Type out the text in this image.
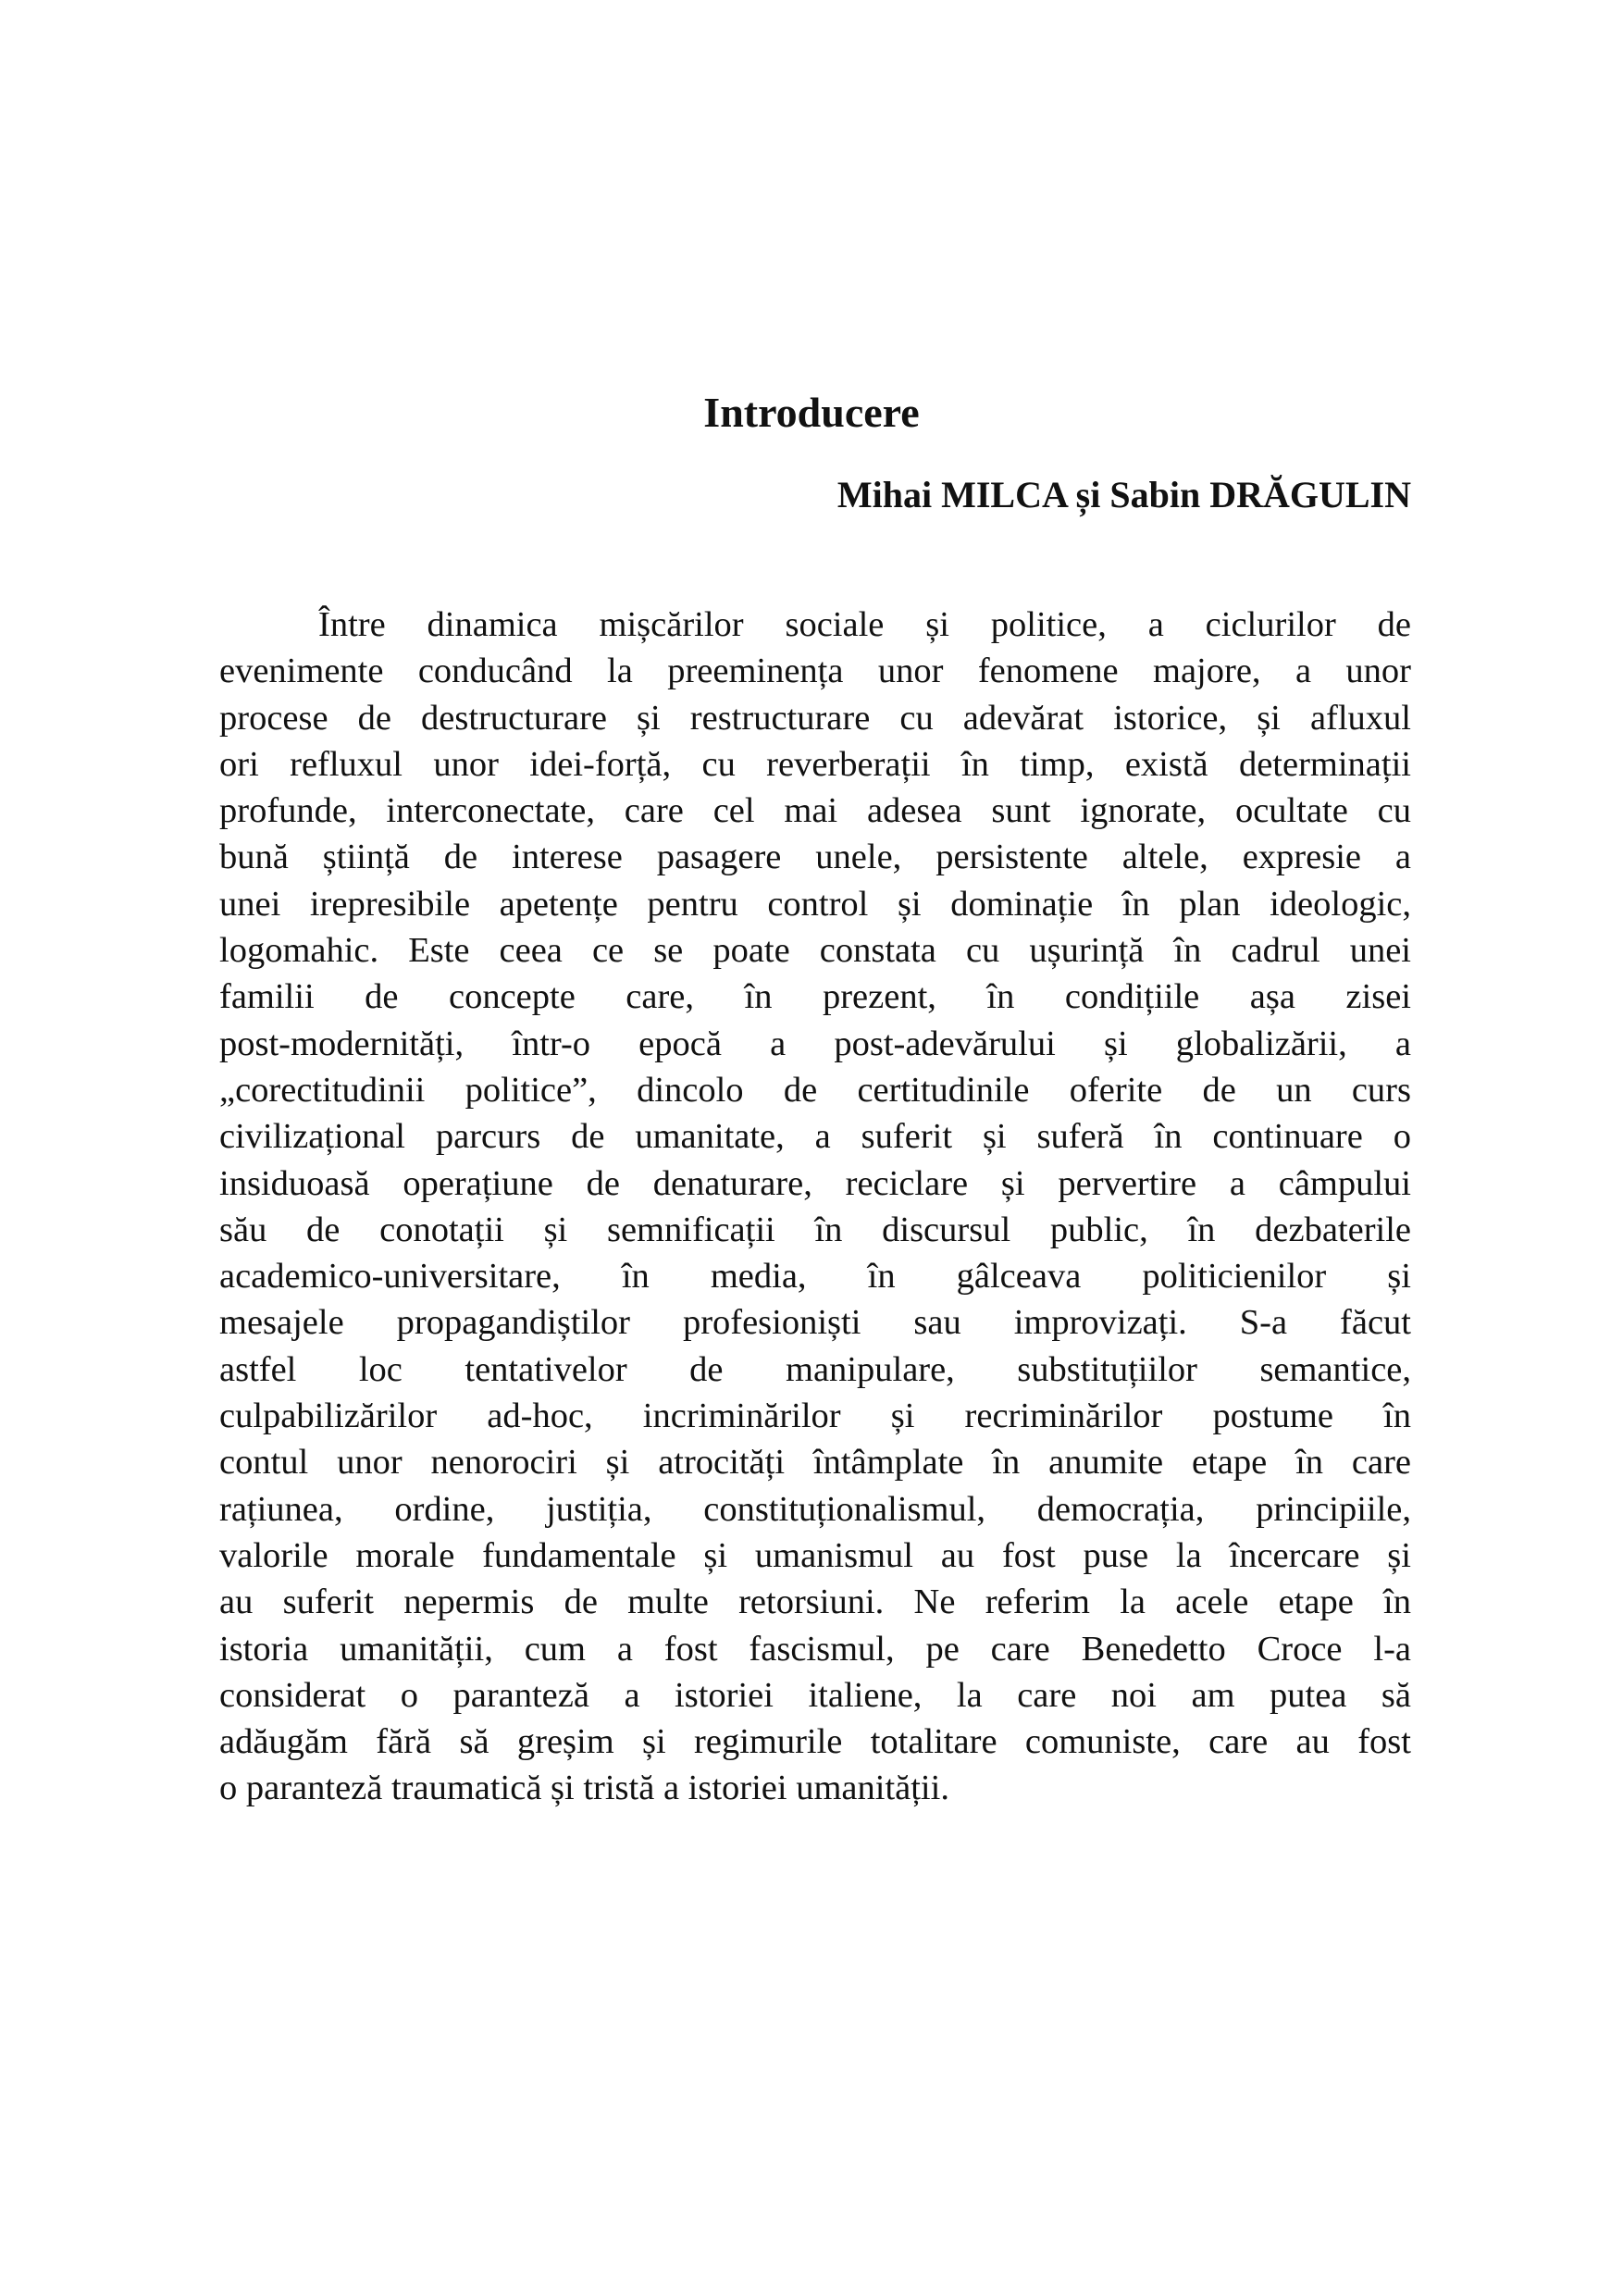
Introducere
Mihai MILCA și Sabin DRĂGULIN
Între dinamica mișcărilor sociale și politice, a ciclurilor de
evenimente conducând la preeminența unor fenomene majore, a unor
procese de destructurare și restructurare cu adevărat istorice, și afluxul
ori refluxul unor idei-forță, cu reverberații în timp, există determinații
profunde, interconectate, care cel mai adesea sunt ignorate, ocultate cu
bună știință de interese pasagere unele, persistente altele, expresie a
unei irepresibile apetențe pentru control și dominație în plan ideologic,
logomahic. Este ceea ce se poate constata cu ușurință în cadrul unei
familii de concepte care, în prezent, în condițiile așa zisei
post-modernități, într-o epocă a post-adevărului și globalizării, a
„corectitudinii politice”, dincolo de certitudinile oferite de un curs
civilizațional parcurs de umanitate, a suferit și suferă în continuare o
insiduoasă operațiune de denaturare, reciclare și pervertire a câmpului
său de conotații și semnificații în discursul public, în dezbaterile
academico-universitare, în media, în gâlceava politicienilor și
mesajele propagandiștilor profesioniști sau improvizați. S-a făcut
astfel loc tentativelor de manipulare, substituțiilor semantice,
culpabilizărilor ad-hoc, incriminărilor și recriminărilor postume în
contul unor nenorociri și atrocități întâmplate în anumite etape în care
rațiunea, ordine, justiția, constituționalismul, democrația, principiile,
valorile morale fundamentale și umanismul au fost puse la încercare și
au suferit nepermis de multe retorsiuni. Ne referim la acele etape în
istoria umanității, cum a fost fascismul, pe care Benedetto Croce l-a
considerat o paranteză a istoriei italiene, la care noi am putea să
adăugăm fără să greșim și regimurile totalitare comuniste, care au fost
o paranteză traumatică și tristă a istoriei umanității.
